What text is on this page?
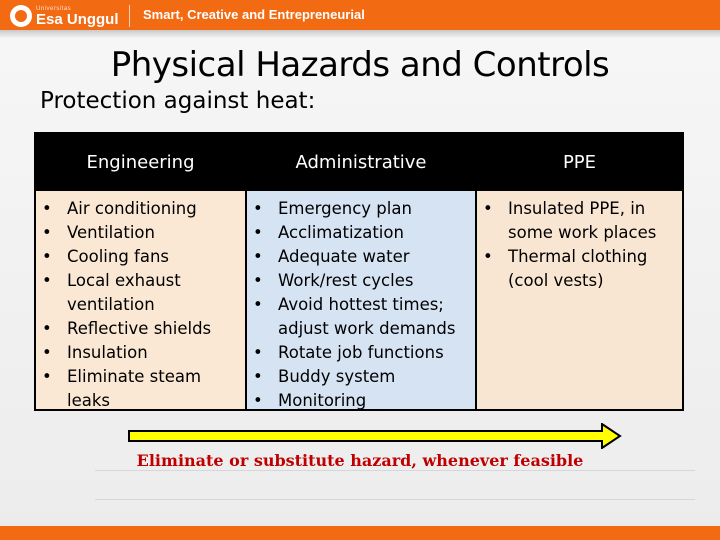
Universitas
Esa Unggul Smart, Creative and Entrepreneurial
Physical Hazards and Controls
Protection against heat:
Engineering
• Air conditioning
• Ventilation
• Cooling fans
• Local exhaust ventilation
• Reflective shields
• Insulation
• Eliminate steam leaks
Administrative
• Emergency plan
• Acclimatization
• Adequate water
• Work/rest cycles
• Avoid hottest times; adjust work demands
• Rotate job functions
• Buddy system
• Monitoring
PPE
• Insulated PPE, in some work places
• Thermal clothing (cool vests)
Eliminate or substitute hazard, whenever feasible
